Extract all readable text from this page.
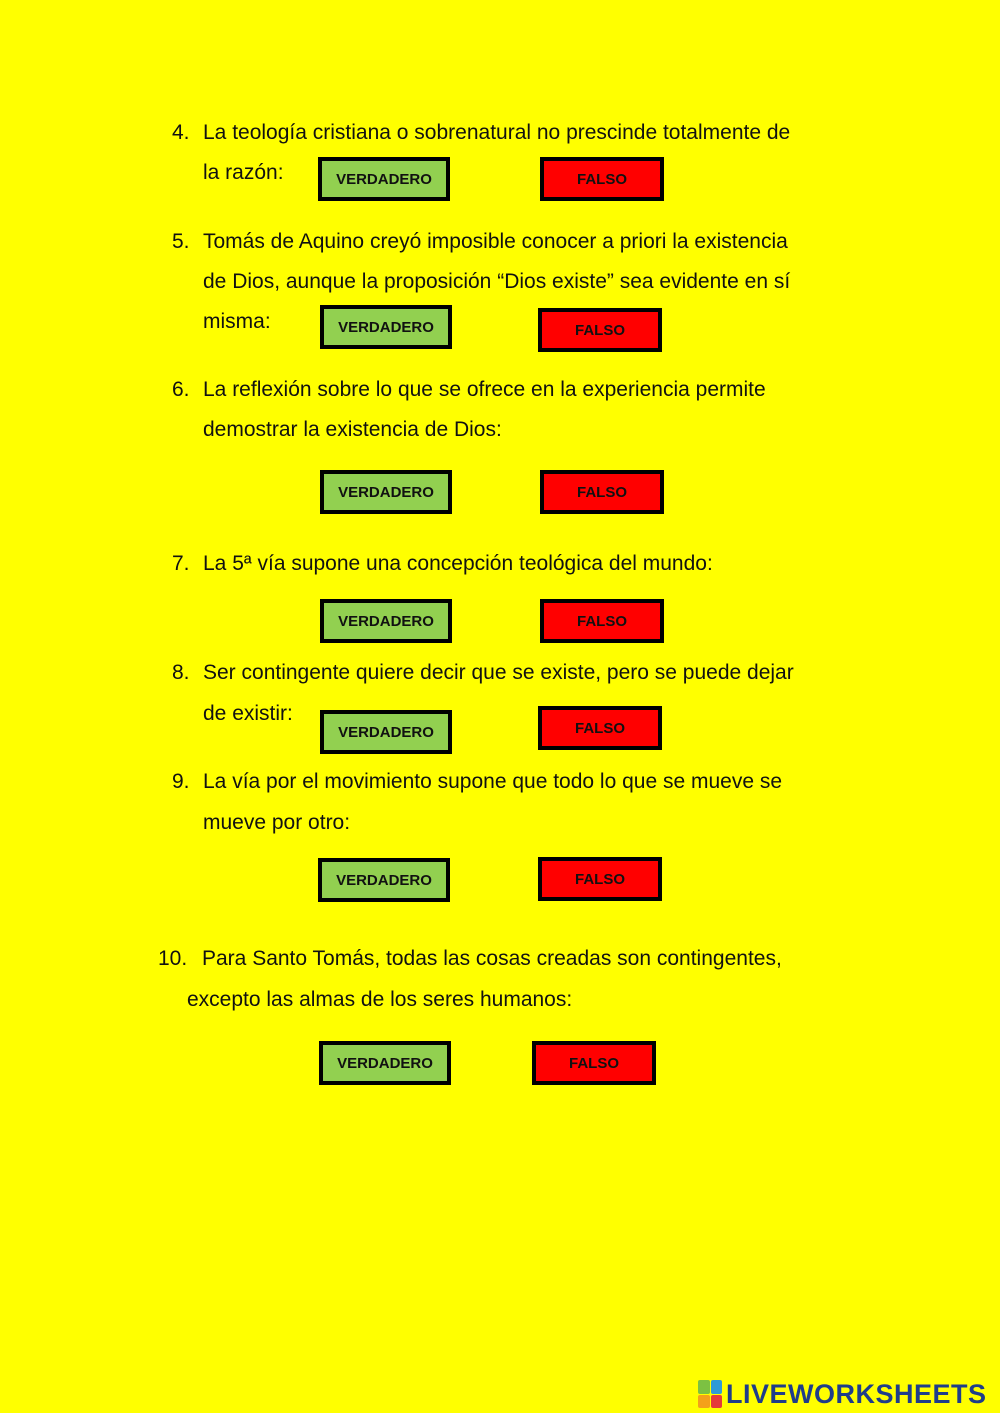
4. La teología cristiana o sobrenatural no prescinde totalmente de
la razón:	VERDADERO	FALSO
5. Tomás de Aquino creyó imposible conocer a priori la existencia
de Dios, aunque la proposición “Dios existe” sea evidente en sí
misma:	VERDADERO	FALSO
6. La reflexión sobre lo que se ofrece en la experiencia permite
demostrar la existencia de Dios:
VERDADERO	FALSO
7. La 5ª vía supone una concepción teológica del mundo:
VERDADERO	FALSO
8. Ser contingente quiere decir que se existe, pero se puede dejar
de existir:
VERDADERO	FALSO
9. La vía por el movimiento supone que todo lo que se mueve se
mueve por otro:
VERDADERO	FALSO
10. Para Santo Tomás, todas las cosas creadas son contingentes,
excepto las almas de los seres humanos:
VERDADERO	FALSO
LIVEWORKSHEETS
